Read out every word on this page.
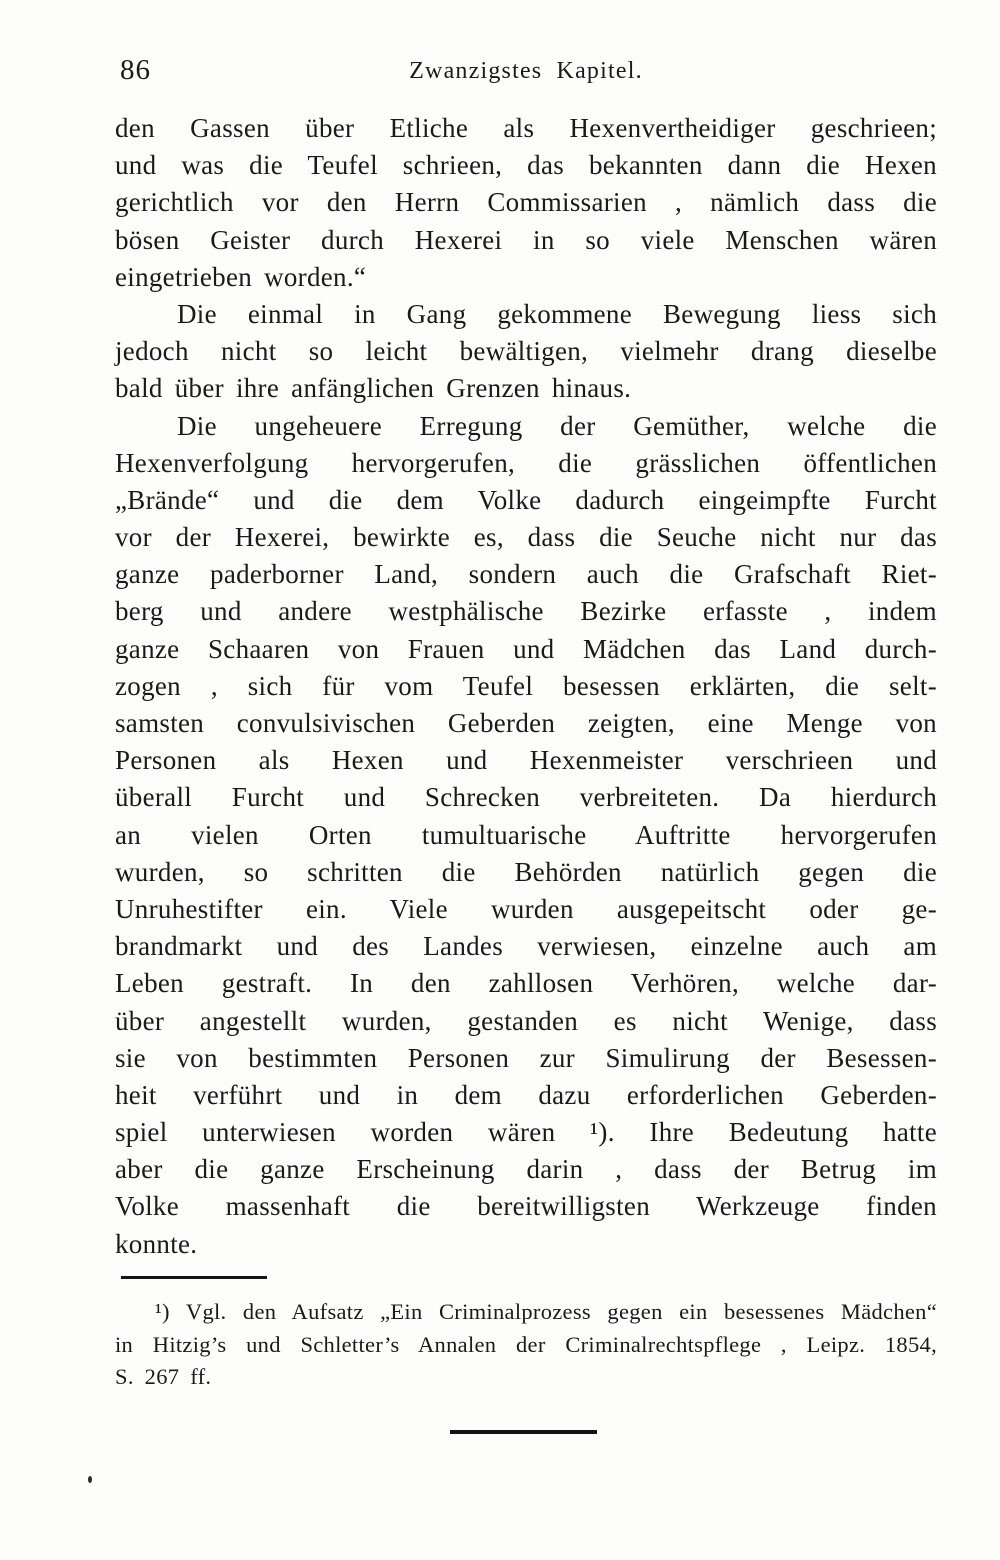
86	Zwanzigstes Kapitel.
den Gassen über Etliche als Hexenvertheidiger geschrieen;
und was die Teufel schrieen, das bekannten dann die Hexen
gerichtlich vor den Herrn Commissarien , nämlich dass die
bösen Geister durch Hexerei in so viele Menschen wären
eingetrieben worden.“
Die einmal in Gang gekommene Bewegung liess sich
jedoch nicht so leicht bewältigen, vielmehr drang dieselbe
bald über ihre anfänglichen Grenzen hinaus.
Die ungeheuere Erregung der Gemüther, welche die
Hexenverfolgung hervorgerufen, die grässlichen öffentlichen
„Brände“ und die dem Volke dadurch eingeimpfte Furcht
vor der Hexerei, bewirkte es, dass die Seuche nicht nur das
ganze paderborner Land, sondern auch die Grafschaft Riet-
berg und andere westphälische Bezirke erfasste , indem
ganze Schaaren von Frauen und Mädchen das Land durch-
zogen , sich für vom Teufel besessen erklärten, die selt-
samsten convulsivischen Geberden zeigten, eine Menge von
Personen als Hexen und Hexenmeister verschrieen und
überall Furcht und Schrecken verbreiteten. Da hierdurch
an vielen Orten tumultuarische Auftritte hervorgerufen
wurden, so schritten die Behörden natürlich gegen die
Unruhestifter ein. Viele wurden ausgepeitscht oder ge-
brandmarkt und des Landes verwiesen, einzelne auch am
Leben gestraft. In den zahllosen Verhören, welche dar-
über angestellt wurden, gestanden es nicht Wenige, dass
sie von bestimmten Personen zur Simulirung der Besessen-
heit verführt und in dem dazu erforderlichen Geberden-
spiel unterwiesen worden wären ¹). Ihre Bedeutung hatte
aber die ganze Erscheinung darin , dass der Betrug im
Volke massenhaft die bereitwilligsten Werkzeuge finden
konnte.
¹) Vgl. den Aufsatz „Ein Criminalprozess gegen ein besessenes Mädchen“
in Hitzig’s und Schletter’s Annalen der Criminalrechtspflege , Leipz. 1854,
S. 267 ff.
